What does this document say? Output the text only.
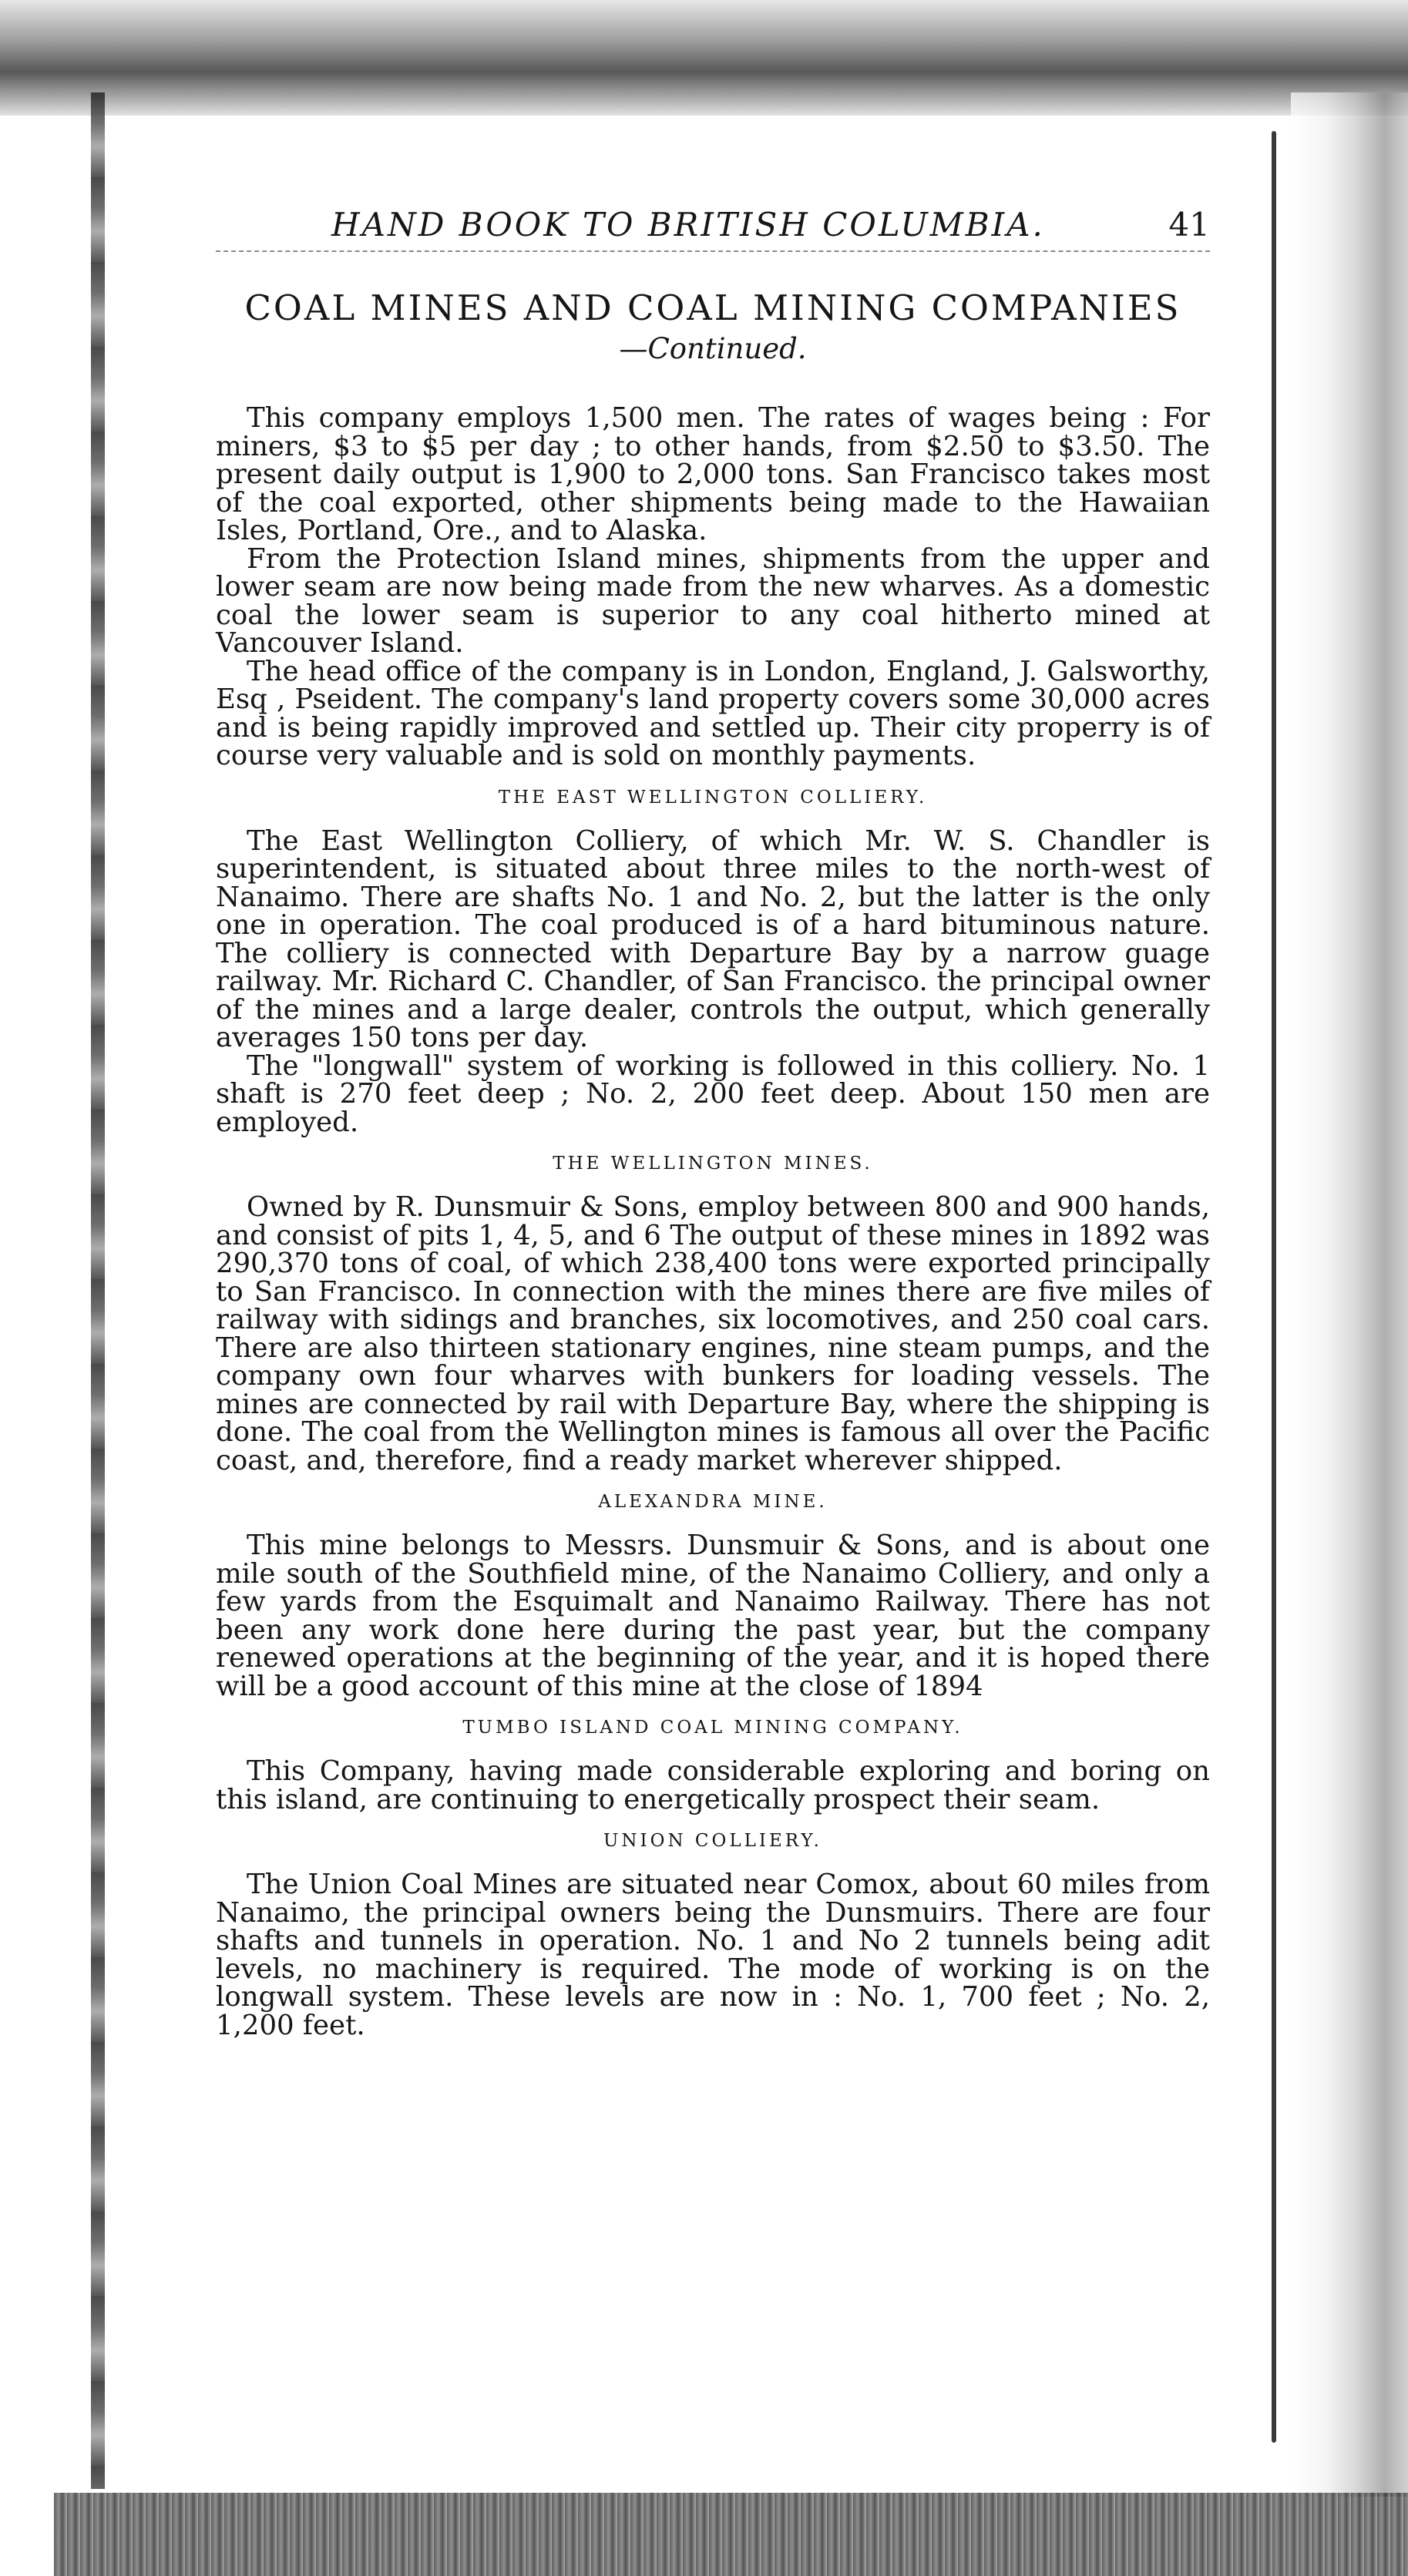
HAND BOOK TO BRITISH COLUMBIA.	41
COAL MINES AND COAL MINING COMPANIES
—Continued.

This company employs 1,500 men. The rates of wages being : For miners, $3 to $5 per day ; to other hands, from $2.50 to $3.50. The present daily output is 1,900 to 2,000 tons. San Francisco takes most of the coal exported, other shipments being made to the Hawaiian Isles, Portland, Ore., and to Alaska.

From the Protection Island mines, shipments from the upper and lower seam are now being made from the new wharves. As a domestic coal the lower seam is superior to any coal hitherto mined at Vancouver Island.

The head office of the company is in London, England, J. Galsworthy, Esq , Pseident. The company's land property covers some 30,000 acres and is being rapidly improved and settled up. Their city properry is of course very valuable and is sold on monthly payments.

THE EAST WELLINGTON COLLIERY.

The East Wellington Colliery, of which Mr. W. S. Chandler is superintendent, is situated about three miles to the north-west of Nanaimo. There are shafts No. 1 and No. 2, but the latter is the only one in operation. The coal produced is of a hard bituminous nature. The colliery is connected with Departure Bay by a narrow guage railway. Mr. Richard C. Chandler, of San Francisco. the principal owner of the mines and a large dealer, controls the output, which generally averages 150 tons per day.

The "longwall" system of working is followed in this colliery. No. 1 shaft is 270 feet deep ; No. 2, 200 feet deep. About 150 men are employed.

THE WELLINGTON MINES.

Owned by R. Dunsmuir & Sons, employ between 800 and 900 hands, and consist of pits 1, 4, 5, and 6 The output of these mines in 1892 was 290,370 tons of coal, of which 238,400 tons were exported principally to San Francisco. In connection with the mines there are five miles of railway with sidings and branches, six locomotives, and 250 coal cars. There are also thirteen stationary engines, nine steam pumps, and the company own four wharves with bunkers for loading vessels. The mines are connected by rail with Departure Bay, where the shipping is done. The coal from the Wellington mines is famous all over the Pacific coast, and, therefore, find a ready market wherever shipped.

ALEXANDRA MINE.

This mine belongs to Messrs. Dunsmuir & Sons, and is about one mile south of the Southfield mine, of the Nanaimo Colliery, and only a few yards from the Esquimalt and Nanaimo Railway. There has not been any work done here during the past year, but the company renewed operations at the beginning of the year, and it is hoped there will be a good account of this mine at the close of 1894

TUMBO ISLAND COAL MINING COMPANY.

This Company, having made considerable exploring and boring on this island, are continuing to energetically prospect their seam.

UNION COLLIERY.

The Union Coal Mines are situated near Comox, about 60 miles from Nanaimo, the principal owners being the Dunsmuirs. There are four shafts and tunnels in operation. No. 1 and No 2 tunnels being adit levels, no machinery is required. The mode of working is on the longwall system. These levels are now in : No. 1, 700 feet ; No. 2, 1,200 feet.
